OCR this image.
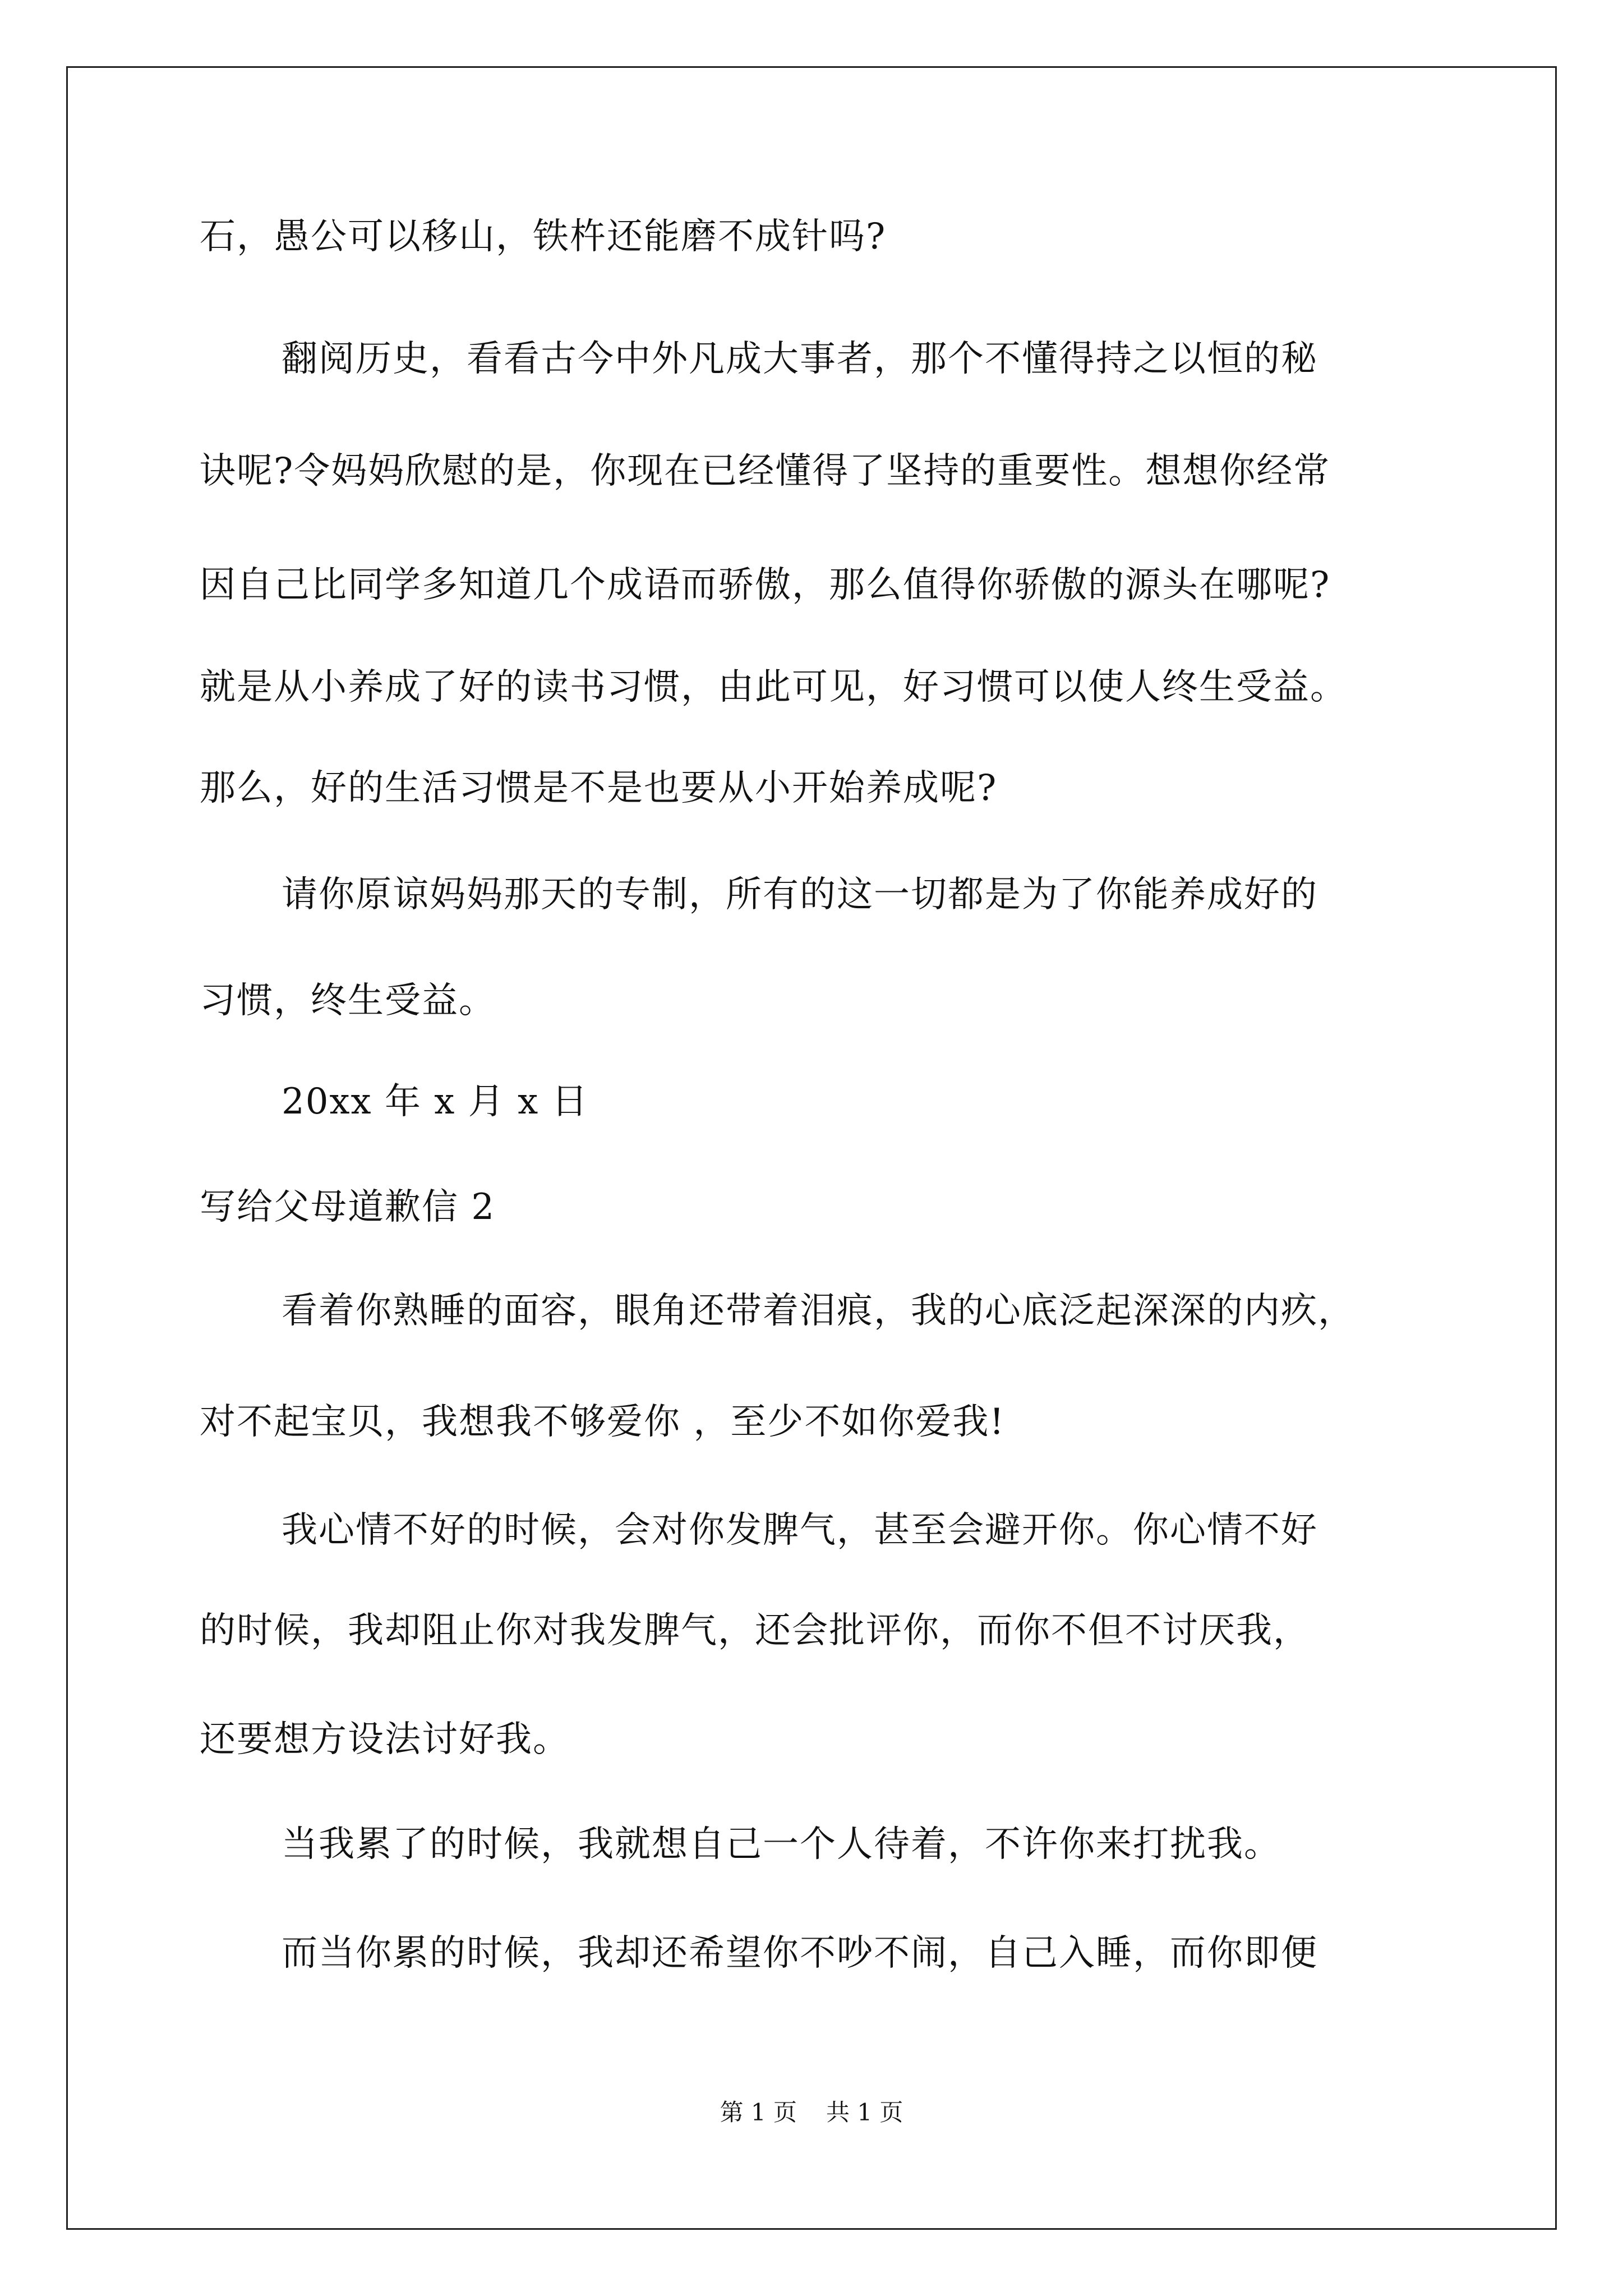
石，愚公可以移山，铁杵还能磨不成针吗?
翻阅历史，看看古今中外凡成大事者，那个不懂得持之以恒的秘
诀呢?令妈妈欣慰的是，你现在已经懂得了坚持的重要性。想想你经常
因自己比同学多知道几个成语而骄傲，那么值得你骄傲的源头在哪呢?
就是从小养成了好的读书习惯，由此可见，好习惯可以使人终生受益。
那么，好的生活习惯是不是也要从小开始养成呢?
请你原谅妈妈那天的专制，所有的这一切都是为了你能养成好的
习惯，终生受益。
20xx 年 x 月 x 日
写给父母道歉信 2
看着你熟睡的面容，眼角还带着泪痕，我的心底泛起深深的内疚，
对不起宝贝，我想我不够爱你 ，至少不如你爱我!
我心情不好的时候，会对你发脾气，甚至会避开你。你心情不好
的时候，我却阻止你对我发脾气，还会批评你，而你不但不讨厌我，
还要想方设法讨好我。
当我累了的时候，我就想自己一个人待着，不许你来打扰我。
而当你累的时候，我却还希望你不吵不闹，自己入睡，而你即便
第 1 页 共 1 页
